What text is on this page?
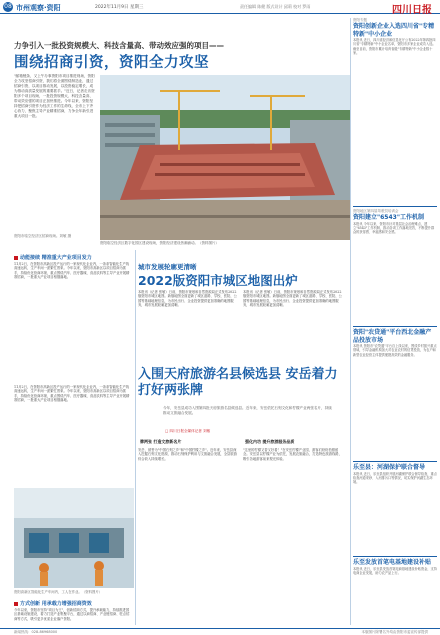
08 市州观察·资阳	2022年11月9日 星期三	责任编辑 陈健 版式设计 邱莉 校对 罗雨	四川日报
力争引入一批投资规模大、科技含量高、带动效应强的项目——
围绕招商引资，资阳全力攻坚
"邮箱链条，又上午办事资阳市项目推进现场，资阳全力攻坚招商引资，我们将全面围绕制造业，通过招商引资，以项目推动发展，以投资稳定增长，成为推动高质量发展的重要抓手。"近日，记者走访资阳多个项目现场，一批投资规模大、科技含量高、带动效应强的项目正加快推进。今年以来，资阳坚持把招商引资作为经济工作的生命线，全市上下齐心协力，聚焦主导产业精准招商，力争全年新引进重大项目一批。
资阳市临空经济区招商现场。刘敏 摄
资阳临空经济区数字化园区建设现场，资阳经济建设热潮涌动。（资料图片）
动能接续 精准重大产业项目发力
11月2日，在资阳市高新区投产运行的一家现代化企业内，一条条智能化生产线高速运转，生产车间一派繁忙景象。今年以来，资阳市高新区以项目招商为抓手，持续优化营商环境，重点围绕汽车、医疗器械、食品饮料等主导产业开展精准招商，一批重大产业项目相继落地。
11月2日，在资阳市高新区投产运行的一家现代化企业内，一条条智能化生产线高速运转，生产车间一派繁忙景象。今年以来，资阳市高新区以项目招商为抓手，持续优化营商环境，重点围绕汽车、医疗器械、食品饮料等主导产业开展精准招商，一批重大产业项目相继落地。
资阳高新区智能化生产车间内，工人在作业。（资料图片）
城市发展轮廓更清晰
2022版资阳市城区地图出炉
本报讯（记者 张敏）日前，资阳市规划和自然资源局正式发布2022版资阳市城区地图。新版地图全面更新了城区道路、学校、医院、公园等基础地理信息，为市民出行、企业投资提供更加准确的地图服务，城市发展轮廓更加清晰。
本报讯（记者 张敏）日前，资阳市规划和自然资源局正式发布2022版资阳市城区地图。新版地图全面更新了城区道路、学校、医院、公园等基础地理信息，为市民出行、企业投资提供更加准确的地图服务，城市发展轮廓更加清晰。
入围天府旅游名县候选县 安岳着力打好两张牌
今年，安岳县成功入围第四批天府旅游名县候选县。近年来，安岳依托石刻文化和柠檬产业两张名片，持续推动文旅融合发展。
□ 四川日报全媒体记者 刘敏
牌两张 打造文旅新名片	强化内功 提升旅游服务品质
安岳，被誉为"中国石刻之乡"和"中国柠檬之乡"。近年来，安岳县深入挖掘石刻文化资源，推动石刻保护利用与文旅融合发展，全县旅游综合收入持续增长。
"这里的柠檬又香又好看！"在安岳柠檬产业园，游客们纷纷拍照留念。安岳县以柠檬产业为依托，发展农旅融合，打造特色旅游线路，吸引各地游客前来观光体验。
方式创新 用承载力增强招商资效
今年以来，资阳市坚持"项目为王"，创新招商方式，提升承载能力，持续推进园区基础设施建设，着力打造产业集聚平台，通过以商招商、产业链招商、驻点招商等方式，吸引更多优质企业落户资阳。
资阳专题
资阳创新企业入选四川省"专精特新"中小企业
本报讯 近日，四川省经济和信息化厅公布2022年第四批四川省"专精特新"中小企业名单，资阳市多家企业成功入选。截至目前，资阳市累计培育省级"专精特新"中小企业数十家。
资阳地区第四届驾驶员培训会
资阳建立"6543"工作机制
本报讯 今年以来，资阳市针对基层社会治理难点，建立"6543"工作机制，推动各项工作落地见效，不断提升群众的获得感、幸福感和安全感。
资阳"农贷通"平台西北金融产品投放市场
本报讯 资阳市"农贷通"平台自上线以来，围绕乡村振兴重点领域，引导金融机构加大对农业农村的信贷投放，为农户和新型农业经营主体提供便捷高效的金融服务。
乐至县：河湖保护联合督导
本报讯 近日，乐至县组织开展河湖保护联合督导检查，重点检查河道采砂、入河排污口等情况，切实保护河湖生态环境。
乐至发放首笔电基地建设补贴
本报讯 近日，乐至县发放首笔电商基地建设补贴资金，支持电商企业发展，助力农产品上行。
新闻热线：028-86968000	本版图片除署名外均由资阳市委宣传部提供
